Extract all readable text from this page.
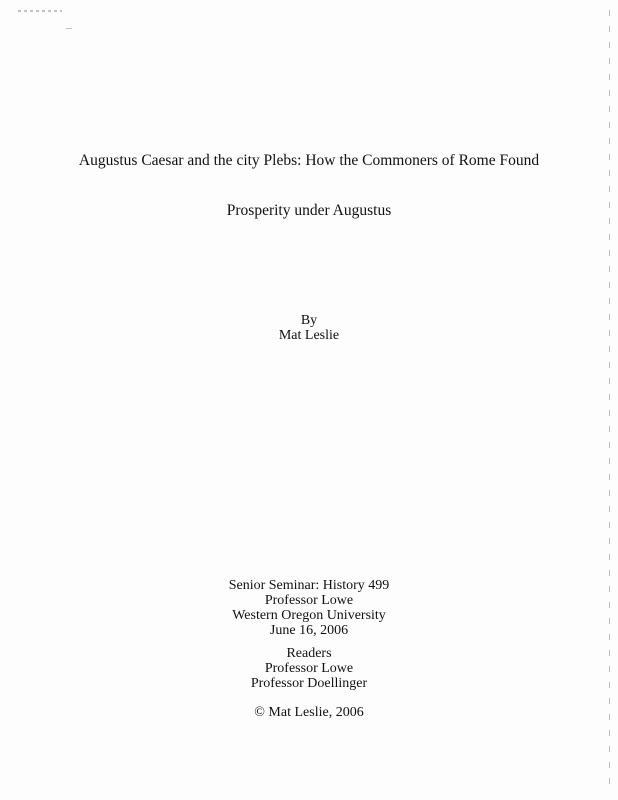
Augustus Caesar and the city Plebs: How the Commoners of Rome Found
Prosperity under Augustus
By
Mat Leslie
Senior Seminar: History 499
Professor Lowe
Western Oregon University
June 16, 2006
Readers
Professor Lowe
Professor Doellinger
© Mat Leslie, 2006
